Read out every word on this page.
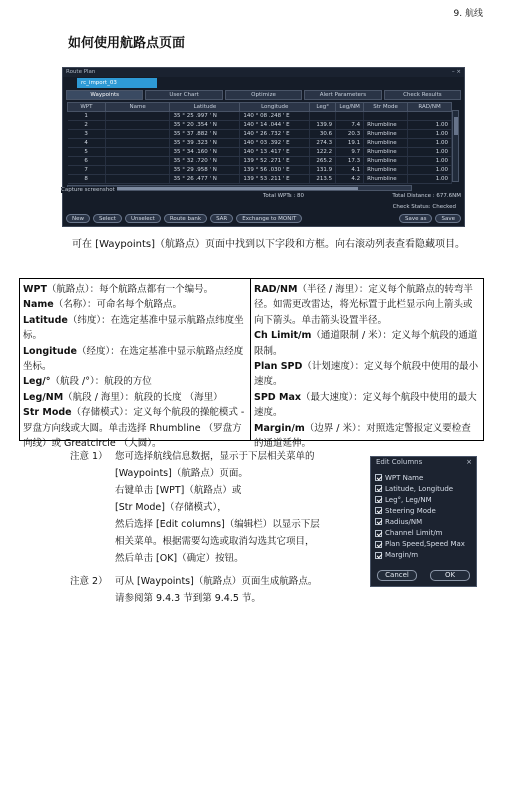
9. 航线
如何使用航路点页面
Route Plan	– ×
rc_import_03
Waypoints	User Chart	Optimize	Alert Parameters	Check Results
WPT	Name	Latitude	Longitude	Leg°	Leg/NM	Str Mode	RAD/NM
1		35 ° 25 .997 ' N	140 ° 08 .248 ' E				
2		35 ° 20 .354 ' N	140 ° 14 .044 ' E	139.9	7.4	Rhumbline	1.00
3		35 ° 37 .882 ' N	140 ° 26 .732 ' E	30.6	20.3	Rhumbline	1.00
4		35 ° 39 .323 ' N	140 ° 03 .392 ' E	274.3	19.1	Rhumbline	1.00
5		35 ° 34 .160 ' N	140 ° 13 .417 ' E	122.2	9.7	Rhumbline	1.00
6		35 ° 32 .720 ' N	139 ° 52 .271 ' E	265.2	17.3	Rhumbline	1.00
7		35 ° 29 .958 ' N	139 ° 56 .030 ' E	131.9	4.1	Rhumbline	1.00
8		35 ° 26 .477 ' N	139 ° 53 .211 ' E	213.5	4.2	Rhumbline	1.00
Capture screenshot
Total WPTs : 80	Total Distance : 677.6NM
Check Status: Checked
New	Select	Unselect	Route bank	SAR	Exchange to MONIT	Save as	Save
可在 [Waypoints]（航路点）页面中找到以下字段和方框。向右滚动列表查看隐藏项目。
WPT（航路点）：每个航路点都有一个编号。
Name（名称）：可命名每个航路点。
Latitude（纬度）：在选定基准中显示航路点纬度坐标。
Longitude（经度）：在选定基准中显示航路点经度坐标。
Leg/°（航段 /°）：航段的方位
Leg/NM（航段 / 海里）：航段的长度 （海里）
Str Mode（存储模式）：定义每个航段的操舵模式 - 罗盘方向线或大圆。单击选择 Rhumbline （罗盘方向线）或 Greatcircle （大圆）。
RAD/NM（半径 / 海里）：定义每个航路点的转弯半径。如需更改雷达，将光标置于此栏显示向上箭头或向下箭头。单击箭头设置半径。
Ch Limit/m（通道限制 / 米）：定义每个航段的通道限制。
Plan SPD（计划速度）：定义每个航段中使用的最小速度。
SPD Max（最大速度）：定义每个航段中使用的最大速度。
Margin/m（边界 / 米）：对照选定警报定义要检查的通道延伸。
注意 1） 您可选择航线信息数据，显示于下层相关菜单的
[Waypoints]（航路点）页面。
右键单击 [WPT]（航路点）或
[Str Mode]（存储模式），
然后选择 [Edit columns]（编辑栏）以显示下层
相关菜单。根据需要勾选或取消勾选其它项目，
然后单击 [OK]（确定）按钮。
注意 2） 可从 [Waypoints]（航路点）页面生成航路点。
请参阅第 9.4.3 节到第 9.4.5 节。
Edit Columns	×
WPT Name
Latitude, Longitude
Leg°, Leg/NM
Steering Mode
Radius/NM
Channel Limit/m
Plan Speed,Speed Max
Margin/m
Cancel	OK
